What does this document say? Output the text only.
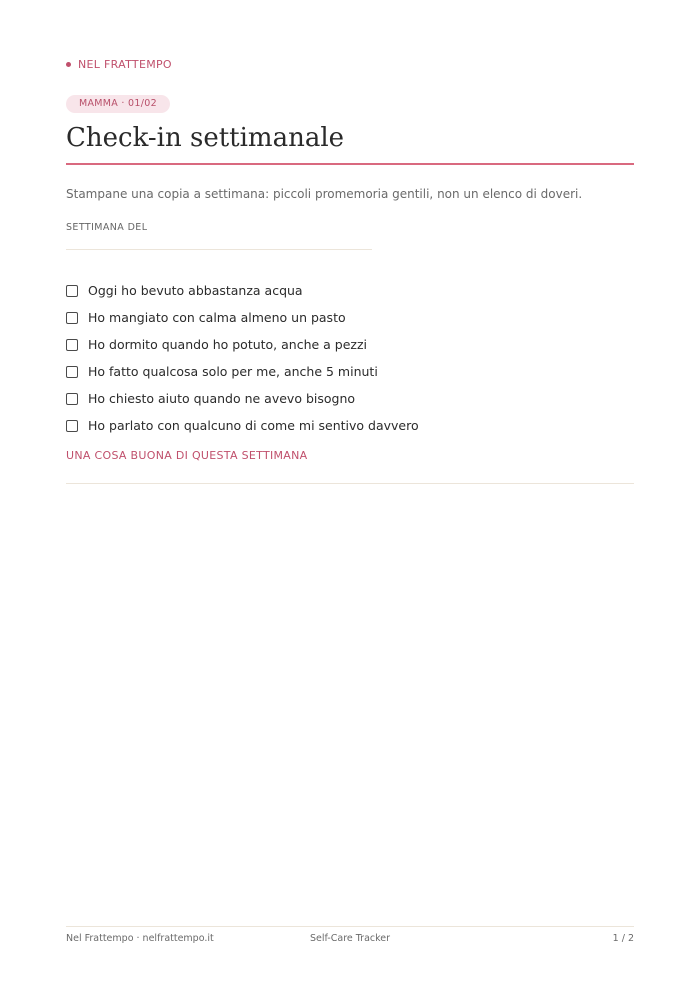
NEL FRATTEMPO
MAMMA · 01/02
Check-in settimanale
Stampane una copia a settimana: piccoli promemoria gentili, non un elenco di doveri.
SETTIMANA DEL
Oggi ho bevuto abbastanza acqua
Ho mangiato con calma almeno un pasto
Ho dormito quando ho potuto, anche a pezzi
Ho fatto qualcosa solo per me, anche 5 minuti
Ho chiesto aiuto quando ne avevo bisogno
Ho parlato con qualcuno di come mi sentivo davvero
UNA COSA BUONA DI QUESTA SETTIMANA
Nel Frattempo · nelfrattempo.it	Self-Care Tracker	1 / 2
